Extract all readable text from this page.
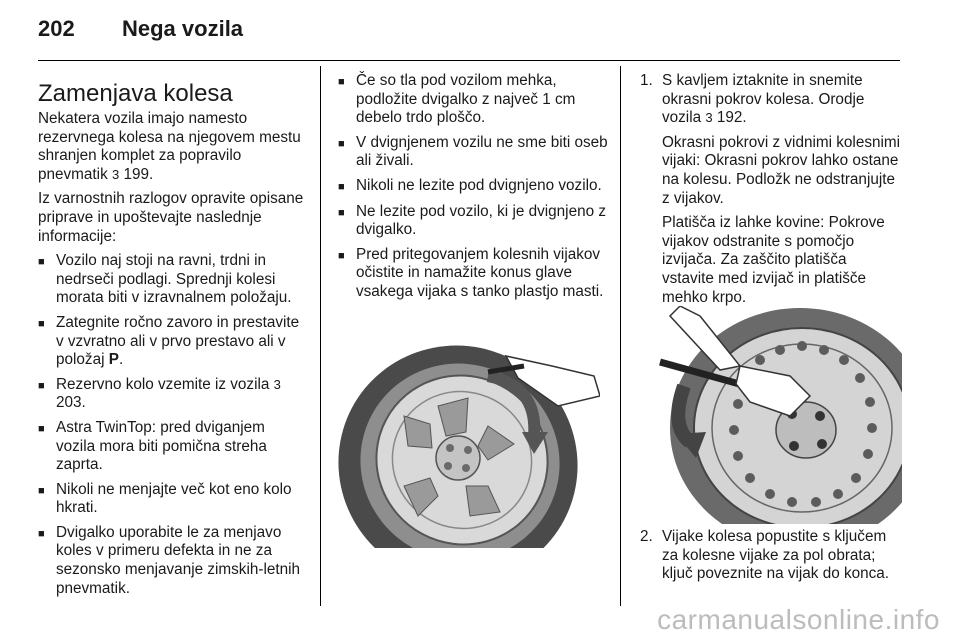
202	Nega vozila
Zamenjava kolesa

Nekatera vozila imajo namesto rezervnega kolesa na njegovem mestu shranjen komplet za popravilo pnevmatik 3 199.

Iz varnostnih razlogov opravite opisane priprave in upoštevajte naslednje informacije:

■ Vozilo naj stoji na ravni, trdni in nedrseči podlagi. Sprednji kolesi morata biti v izravnalnem položaju.
■ Zategnite ročno zavoro in prestavite v vzvratno ali v prvo prestavo ali v položaj P.
■ Rezervno kolo vzemite iz vozila 3 203.
■ Astra TwinTop: pred dviganjem vozila mora biti pomična streha zaprta.
■ Nikoli ne menjajte več kot eno kolo hkrati.
■ Dvigalko uporabite le za menjavo koles v primeru defekta in ne za sezonsko menjavanje zimskih-letnih pnevmatik.
■ Če so tla pod vozilom mehka, podložite dvigalko z največ 1 cm debelo trdo ploščo.
■ V dvignjenem vozilu ne sme biti oseb ali živali.
■ Nikoli ne lezite pod dvignjeno vozilo.
■ Ne lezite pod vozilo, ki je dvignjeno z dvigalko.
■ Pred pritegovanjem kolesnih vijakov očistite in namažite konus glave vsakega vijaka s tanko plastjo masti.
1. S kavljem iztaknite in snemite okrasni pokrov kolesa. Orodje vozila 3 192.

Okrasni pokrovi z vidnimi kolesnimi vijaki: Okrasni pokrov lahko ostane na kolesu. Podložk ne odstranjujte z vijakov.

Platišča iz lahke kovine: Pokrove vijakov odstranite s pomočjo izvijača. Za zaščito platišča vstavite med izvijač in platišče mehko krpo.

2. Vijake kolesa popustite s ključem za kolesne vijake za pol obrata; ključ poveznite na vijak do konca.
carmanualsonline.info
